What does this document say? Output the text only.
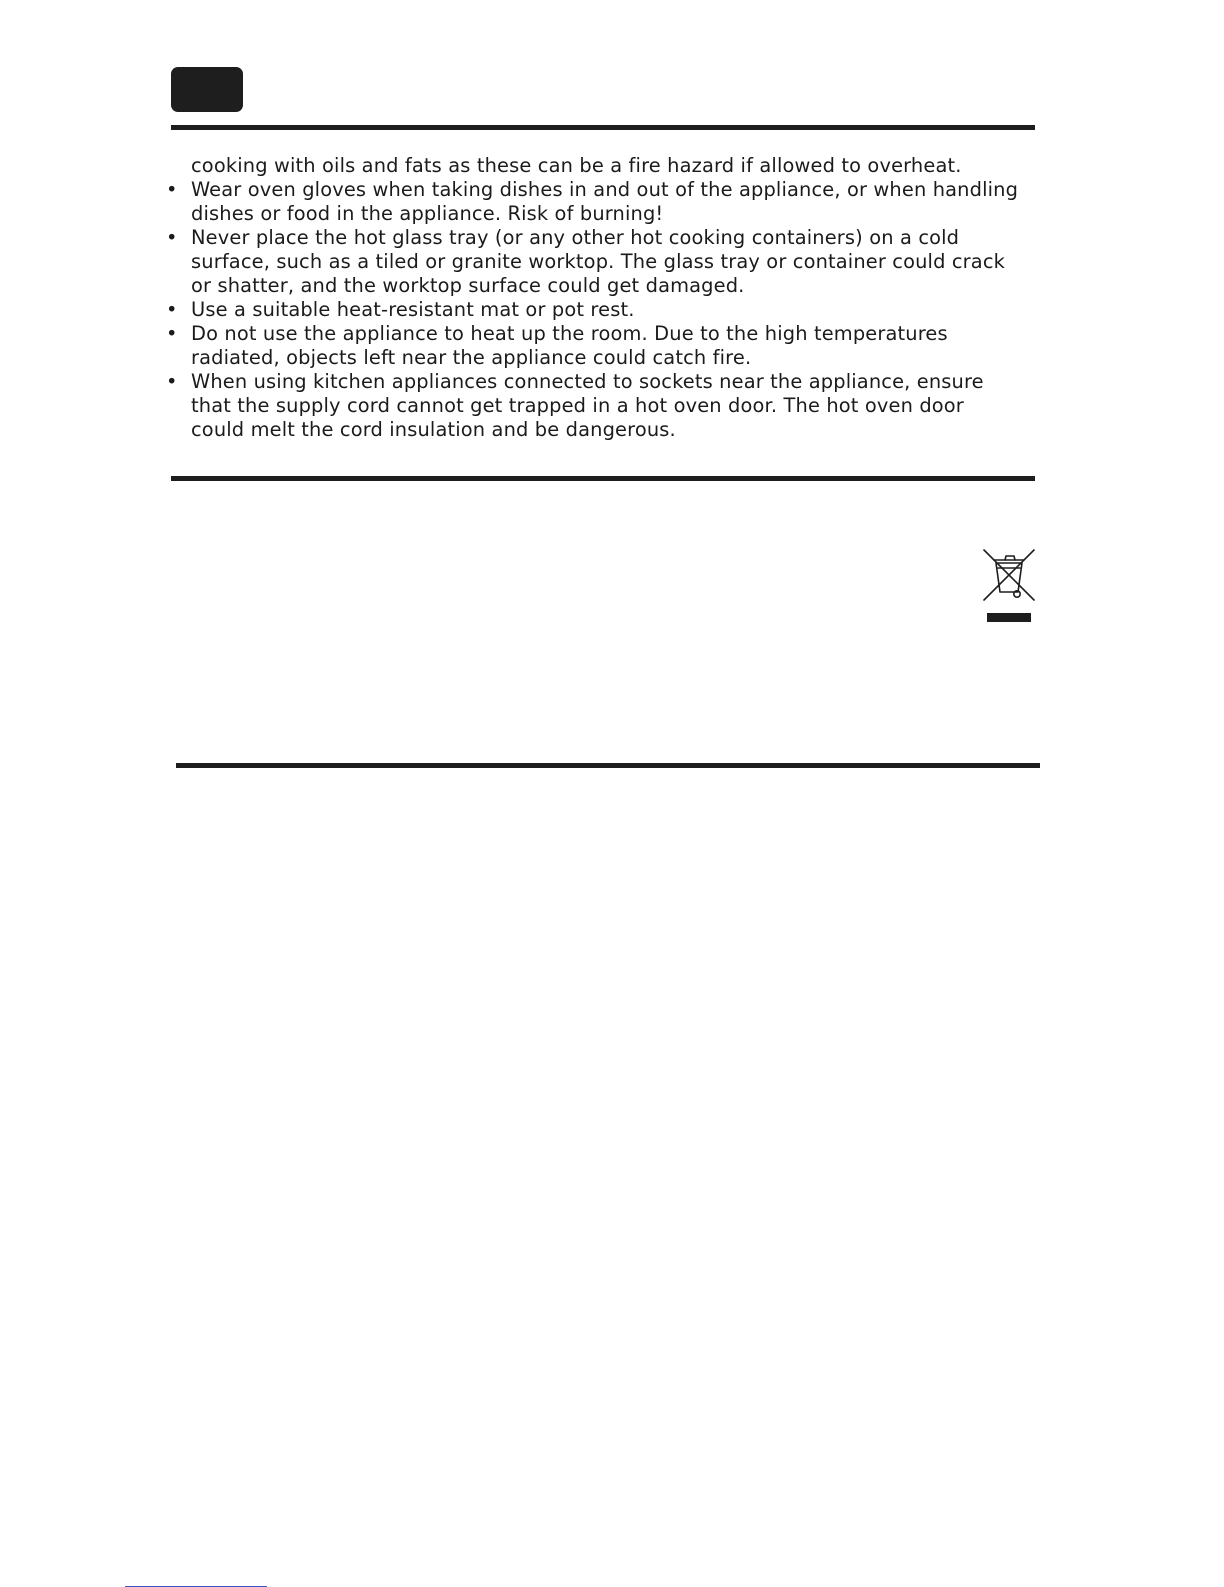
cooking with oils and fats as these can be a fire hazard if allowed to overheat.

• Wear oven gloves when taking dishes in and out of the appliance, or when handling
dishes or food in the appliance. Risk of burning!
• Never place the hot glass tray (or any other hot cooking containers) on a cold
surface, such as a tiled or granite worktop. The glass tray or container could crack
or shatter, and the worktop surface could get damaged.
• Use a suitable heat-resistant mat or pot rest.
• Do not use the appliance to heat up the room. Due to the high temperatures
radiated, objects left near the appliance could catch fire.
• When using kitchen appliances connected to sockets near the appliance, ensure
that the supply cord cannot get trapped in a hot oven door. The hot oven door
could melt the cord insulation and be dangerous.
